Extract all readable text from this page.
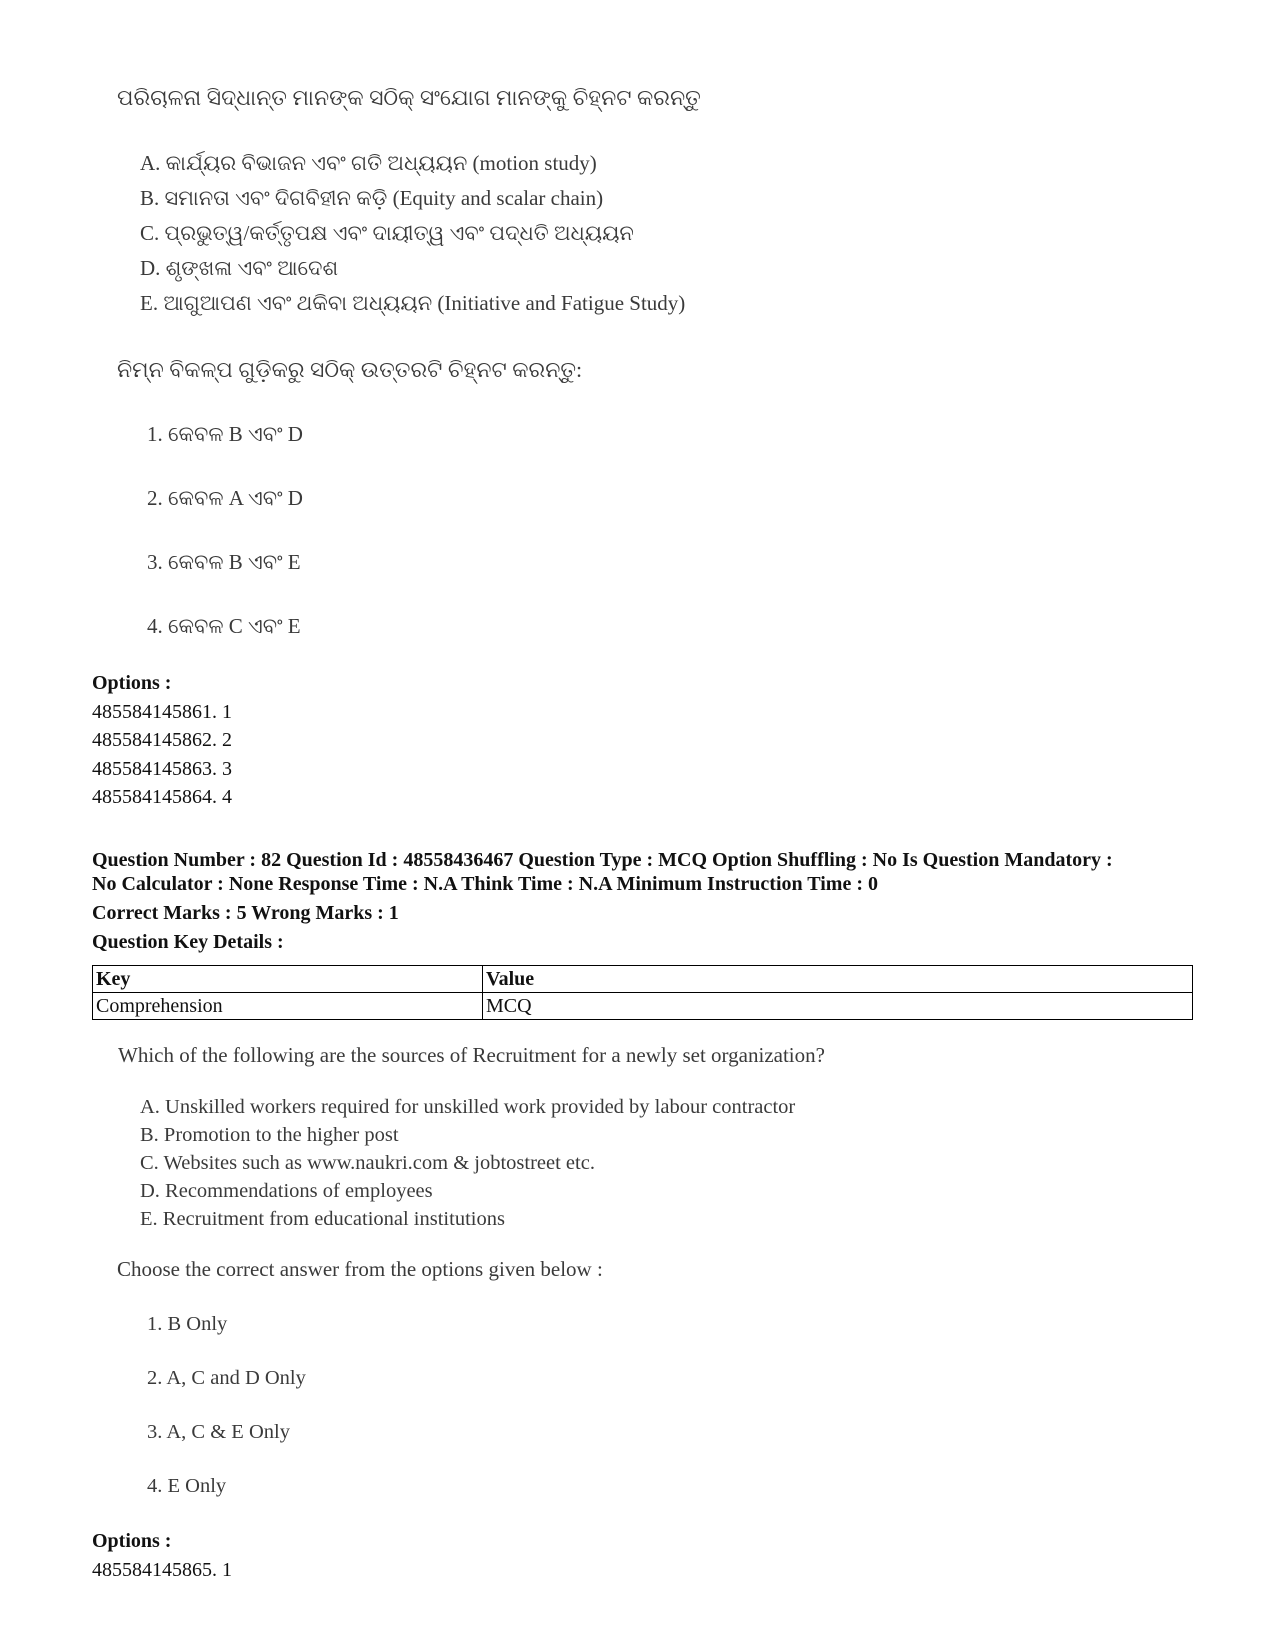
ପରିଚାଳନା ସିଦ୍ଧାନ୍ତ ମାନଙ୍କ ସଠିକ୍ ସଂଯୋଗ ମାନଙ୍କୁ ଚିହ୍ନଟ କରନ୍ତୁ
A. କାର୍ଯ୍ୟର ବିଭାଜନ ଏବଂ ଗତି ଅଧ୍ୟୟନ (motion study)
B. ସମାନତା ଏବଂ ଦିଗବିହୀନ କଡ଼ି (Equity and scalar chain)
C. ପ୍ରଭୁତ୍ୱ/କର୍ତ୍ତୃପକ୍ଷ ଏବଂ ଦାୟୀତ୍ୱ ଏବଂ ପଦ୍ଧତି ଅଧ୍ୟୟନ
D. ଶୃଙ୍ଖଳା ଏବଂ ଆଦେଶ
E. ଆଗୁଆପଣ ଏବଂ ଥକିବା ଅଧ୍ୟୟନ (Initiative and Fatigue Study)
ନିମ୍ନ ବିକଳ୍ପ ଗୁଡ଼ିକରୁ ସଠିକ୍ ଉତ୍ତରଟି ଚିହ୍ନଟ କରନ୍ତୁ:
1. କେବଳ B ଏବଂ D
2. କେବଳ A ଏବଂ D
3. କେବଳ B ଏବଂ E
4. କେବଳ C ଏବଂ E
Options :
485584145861. 1
485584145862. 2
485584145863. 3
485584145864. 4
Question Number : 82 Question Id : 48558436467 Question Type : MCQ Option Shuffling : No Is Question Mandatory :
No Calculator : None Response Time : N.A Think Time : N.A Minimum Instruction Time : 0
Correct Marks : 5 Wrong Marks : 1
Question Key Details :
Key	Value
Comprehension	MCQ
Which of the following are the sources of Recruitment for a newly set organization?
A. Unskilled workers required for unskilled work provided by labour contractor
B. Promotion to the higher post
C. Websites such as www.naukri.com & jobtostreet etc.
D. Recommendations of employees
E. Recruitment from educational institutions
Choose the correct answer from the options given below :
1. B Only
2. A, C and D Only
3. A, C & E Only
4. E Only
Options :
485584145865. 1
